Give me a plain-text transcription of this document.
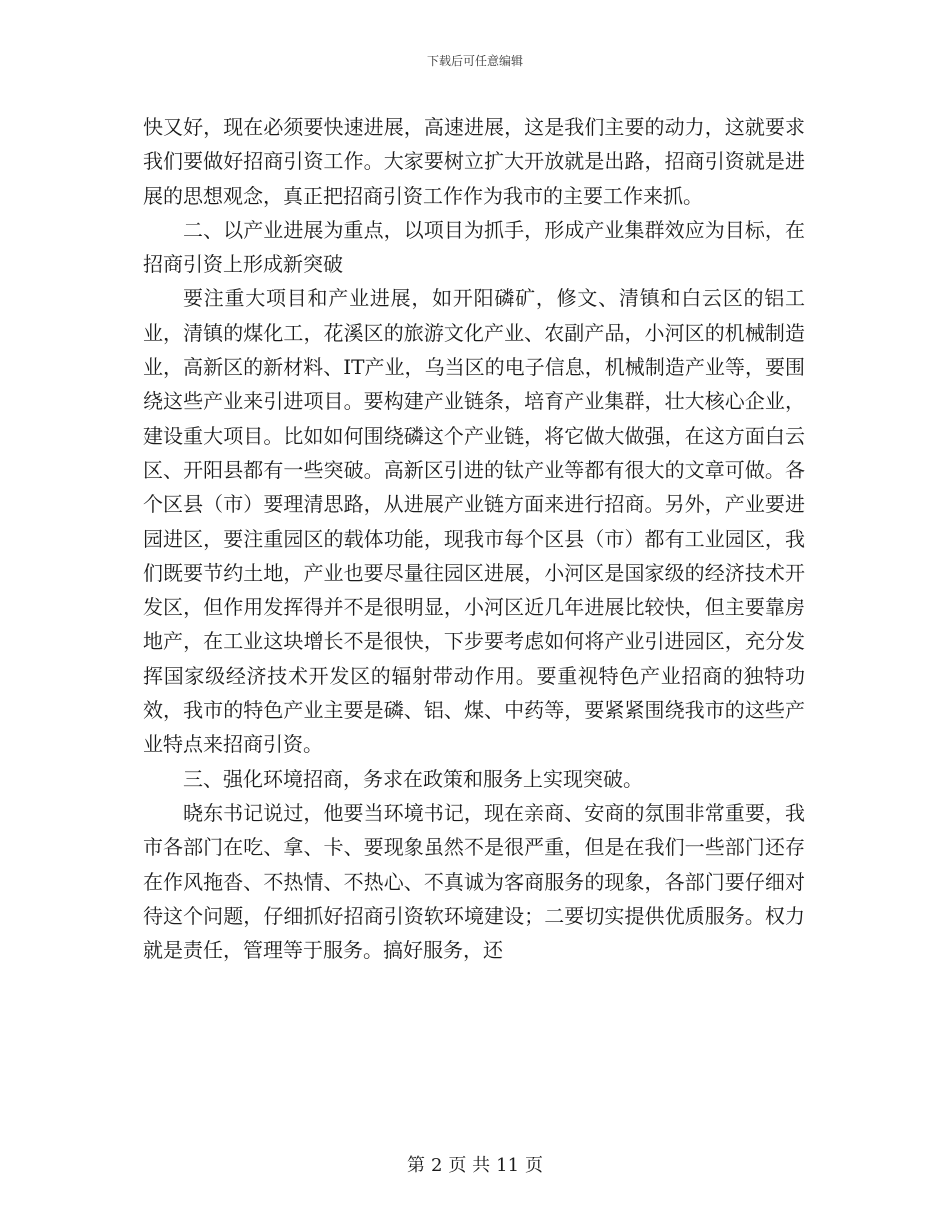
下载后可任意编辑

快又好，现在必须要快速进展，高速进展，这是我们主要的动力，这就要求我们要做好招商引资工作。大家要树立扩大开放就是出路，招商引资就是进展的思想观念，真正把招商引资工作作为我市的主要工作来抓。

二、以产业进展为重点，以项目为抓手，形成产业集群效应为目标，在招商引资上形成新突破

要注重大项目和产业进展，如开阳磷矿，修文、清镇和白云区的铝工业，清镇的煤化工，花溪区的旅游文化产业、农副产品，小河区的机械制造业，高新区的新材料、IT产业，乌当区的电子信息，机械制造产业等，要围绕这些产业来引进项目。要构建产业链条，培育产业集群，壮大核心企业，建设重大项目。比如如何围绕磷这个产业链，将它做大做强，在这方面白云区、开阳县都有一些突破。高新区引进的钛产业等都有很大的文章可做。各个区县（市）要理清思路，从进展产业链方面来进行招商。另外，产业要进园进区，要注重园区的载体功能，现我市每个区县（市）都有工业园区，我们既要节约土地，产业也要尽量往园区进展，小河区是国家级的经济技术开发区，但作用发挥得并不是很明显，小河区近几年进展比较快，但主要靠房地产，在工业这块增长不是很快，下步要考虑如何将产业引进园区，充分发挥国家级经济技术开发区的辐射带动作用。要重视特色产业招商的独特功效，我市的特色产业主要是磷、铝、煤、中药等，要紧紧围绕我市的这些产业特点来招商引资。

三、强化环境招商，务求在政策和服务上实现突破。

晓东书记说过，他要当环境书记，现在亲商、安商的氛围非常重要，我市各部门在吃、拿、卡、要现象虽然不是很严重，但是在我们一些部门还存在作风拖沓、不热情、不热心、不真诚为客商服务的现象，各部门要仔细对待这个问题，仔细抓好招商引资软环境建设；二要切实提供优质服务。权力就是责任，管理等于服务。搞好服务，还

第 2 页 共 11 页
